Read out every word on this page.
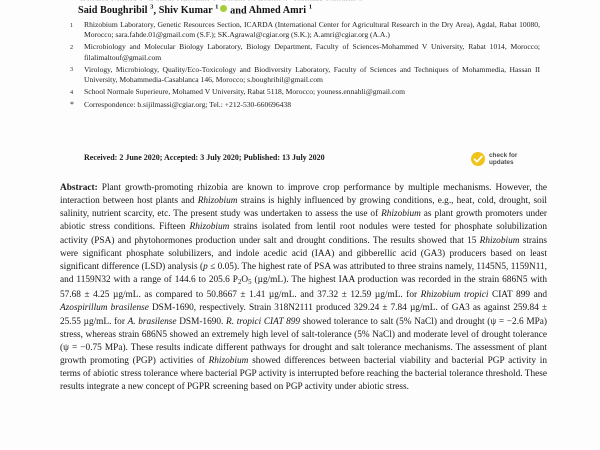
Said Boughribil $^3$, Shiv Kumar $^1$ and Ahmed Amri $^1$
1	Rhizobium Laboratory, Genetic Resources Section, ICARDA (International Center for Agricultural Research in the Dry Area), Agdal, Rabat 10080, Morocco; sara.fahde.01@gmail.com (S.F.); SK.Agrawal@cgiar.org (S.K.); A.amri@cgiar.org (A.A.)
2	Microbiology and Molecular Biology Laboratory, Biology Department, Faculty of Sciences-Mohammed V University, Rabat 1014, Morocco; filalimaltouf@gmail.com
3	Virology, Microbiology, Quality/Eco-Toxicology and Biodiversity Laboratory, Faculty of Sciences and Techniques of Mohammedia, Hassan II University, Mohammedia-Casablanca 146, Morocco; s.boughribil@gmail.com
4	School Normale Superieure, Mohamed V University, Rabat 5118, Morocco; youness.ennahli@gmail.com
*	Correspondence: b.sijilmassi@cgiar.org; Tel.: +212-530-660696438
Received: 2 June 2020; Accepted: 3 July 2020; Published: 13 July 2020	check for
updates
Abstract: Plant growth-promoting rhizobia are known to improve crop performance by multiple mechanisms. However, the interaction between host plants and Rhizobium strains is highly influenced by growing conditions, e.g., heat, cold, drought, soil salinity, nutrient scarcity, etc. The present study was undertaken to assess the use of Rhizobium as plant growth promoters under abiotic stress conditions. Fifteen Rhizobium strains isolated from lentil root nodules were tested for phosphate solubilization activity (PSA) and phytohormones production under salt and drought conditions. The results showed that 15 Rhizobium strains were significant phosphate solubilizers, and indole acedic acid (IAA) and gibberellic acid (GA3) producers based on least significant difference (LSD) analysis (p ≤ 0.05). The highest rate of PSA was attributed to three strains namely, 1145N5, 1159N11, and 1159N32 with a range of 144.6 to 205.6 $P_2O_5$ (µg/mL). The highest IAA production was recorded in the strain 686N5 with 57.68 ± 4.25 µg/mL. as compared to 50.8667 ± 1.41 µg/mL. and 37.32 ± 12.59 µg/mL. for Rhizobium tropici CIAT 899 and Azospirillum brasilense DSM-1690, respectively. Strain 318N2111 produced 329.24 ± 7.84 µg/mL. of GA3 as against 259.84 ± 25.55 µg/mL. for A. brasilense DSM-1690. R. tropici CIAT 899 showed tolerance to salt (5% NaCl) and drought (ψ = −2.6 MPa) stress, whereas strain 686N5 showed an extremely high level of salt-tolerance (5% NaCl) and moderate level of drought tolerance (ψ = −0.75 MPa). These results indicate different pathways for drought and salt tolerance mechanisms. The assessment of plant growth promoting (PGP) activities of Rhizobium showed differences between bacterial viability and bacterial PGP activity in terms of abiotic stress tolerance where bacterial PGP activity is interrupted before reaching the bacterial tolerance threshold. These results integrate a new concept of PGPR screening based on PGP activity under abiotic stress.
